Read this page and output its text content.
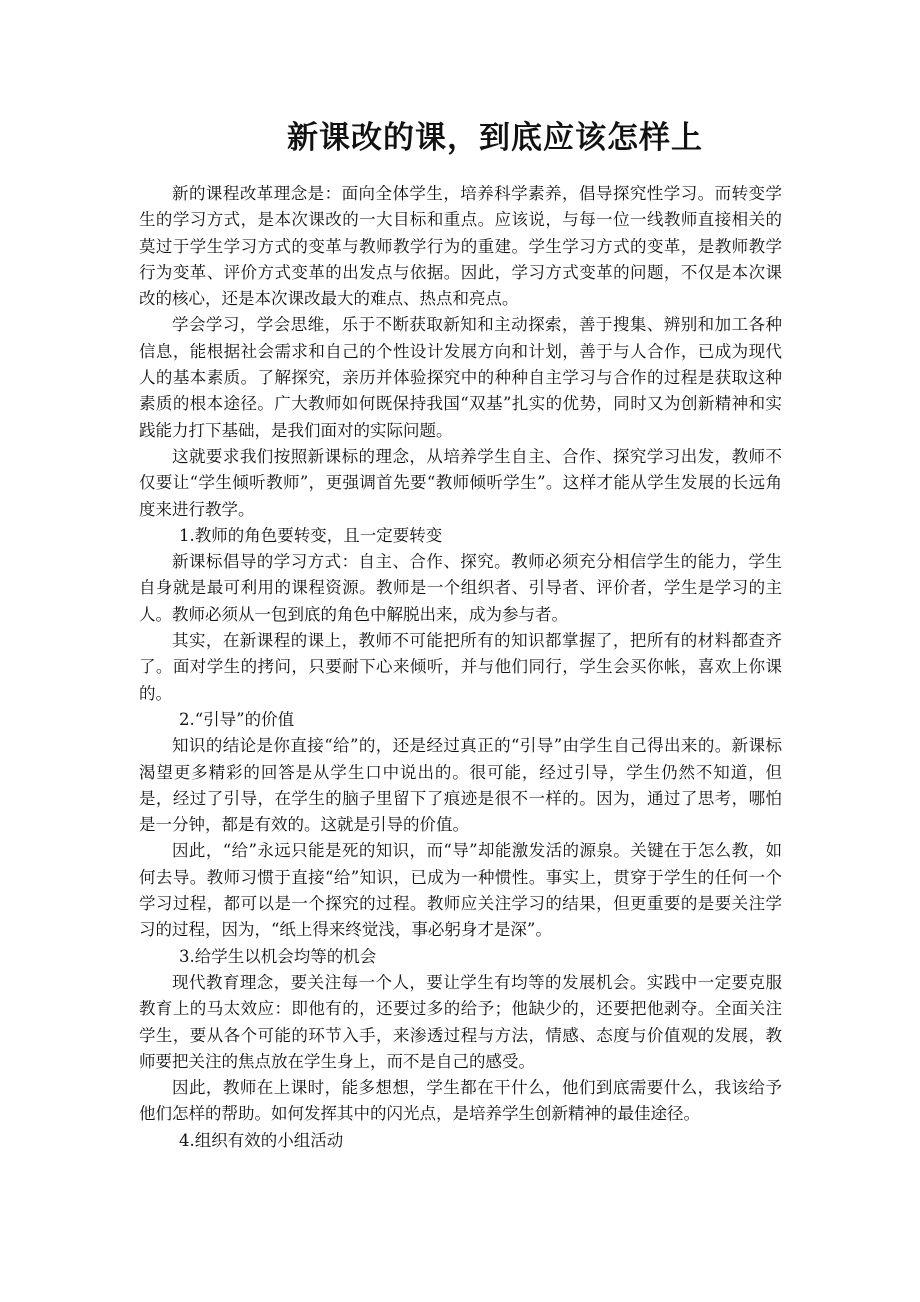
新课改的课，到底应该怎样上

新的课程改革理念是：面向全体学生，培养科学素养，倡导探究性学习。而转变学生的学习方式，是本次课改的一大目标和重点。应该说，与每一位一线教师直接相关的莫过于学生学习方式的变革与教师教学行为的重建。学生学习方式的变革，是教师教学行为变革、评价方式变革的出发点与依据。因此，学习方式变革的问题，不仅是本次课改的核心，还是本次课改最大的难点、热点和亮点。

学会学习，学会思维，乐于不断获取新知和主动探索，善于搜集、辨别和加工各种信息，能根据社会需求和自己的个性设计发展方向和计划，善于与人合作，已成为现代人的基本素质。了解探究，亲历并体验探究中的种种自主学习与合作的过程是获取这种素质的根本途径。广大教师如何既保持我国“双基”扎实的优势，同时又为创新精神和实践能力打下基础，是我们面对的实际问题。

这就要求我们按照新课标的理念，从培养学生自主、合作、探究学习出发，教师不仅要让“学生倾听教师”，更强调首先要“教师倾听学生”。这样才能从学生发展的长远角度来进行教学。

1.教师的角色要转变，且一定要转变

新课标倡导的学习方式：自主、合作、探究。教师必须充分相信学生的能力，学生自身就是最可利用的课程资源。教师是一个组织者、引导者、评价者，学生是学习的主人。教师必须从一包到底的角色中解脱出来，成为参与者。

其实，在新课程的课上，教师不可能把所有的知识都掌握了，把所有的材料都查齐了。面对学生的拷问，只要耐下心来倾听，并与他们同行，学生会买你帐，喜欢上你课的。

2.“引导”的价值

知识的结论是你直接“给”的，还是经过真正的“引导”由学生自己得出来的。新课标渴望更多精彩的回答是从学生口中说出的。很可能，经过引导，学生仍然不知道，但是，经过了引导，在学生的脑子里留下了痕迹是很不一样的。因为，通过了思考，哪怕是一分钟，都是有效的。这就是引导的价值。

因此，“给”永远只能是死的知识，而“导”却能激发活的源泉。关键在于怎么教，如何去导。教师习惯于直接“给”知识，已成为一种惯性。事实上，贯穿于学生的任何一个学习过程，都可以是一个探究的过程。教师应关注学习的结果，但更重要的是要关注学习的过程，因为，“纸上得来终觉浅，事必躬身才是深”。

3.给学生以机会均等的机会

现代教育理念，要关注每一个人，要让学生有均等的发展机会。实践中一定要克服教育上的马太效应：即他有的，还要过多的给予；他缺少的，还要把他剥夺。全面关注学生，要从各个可能的环节入手，来渗透过程与方法，情感、态度与价值观的发展，教师要把关注的焦点放在学生身上，而不是自己的感受。

因此，教师在上课时，能多想想，学生都在干什么，他们到底需要什么，我该给予他们怎样的帮助。如何发挥其中的闪光点，是培养学生创新精神的最佳途径。

4.组织有效的小组活动
